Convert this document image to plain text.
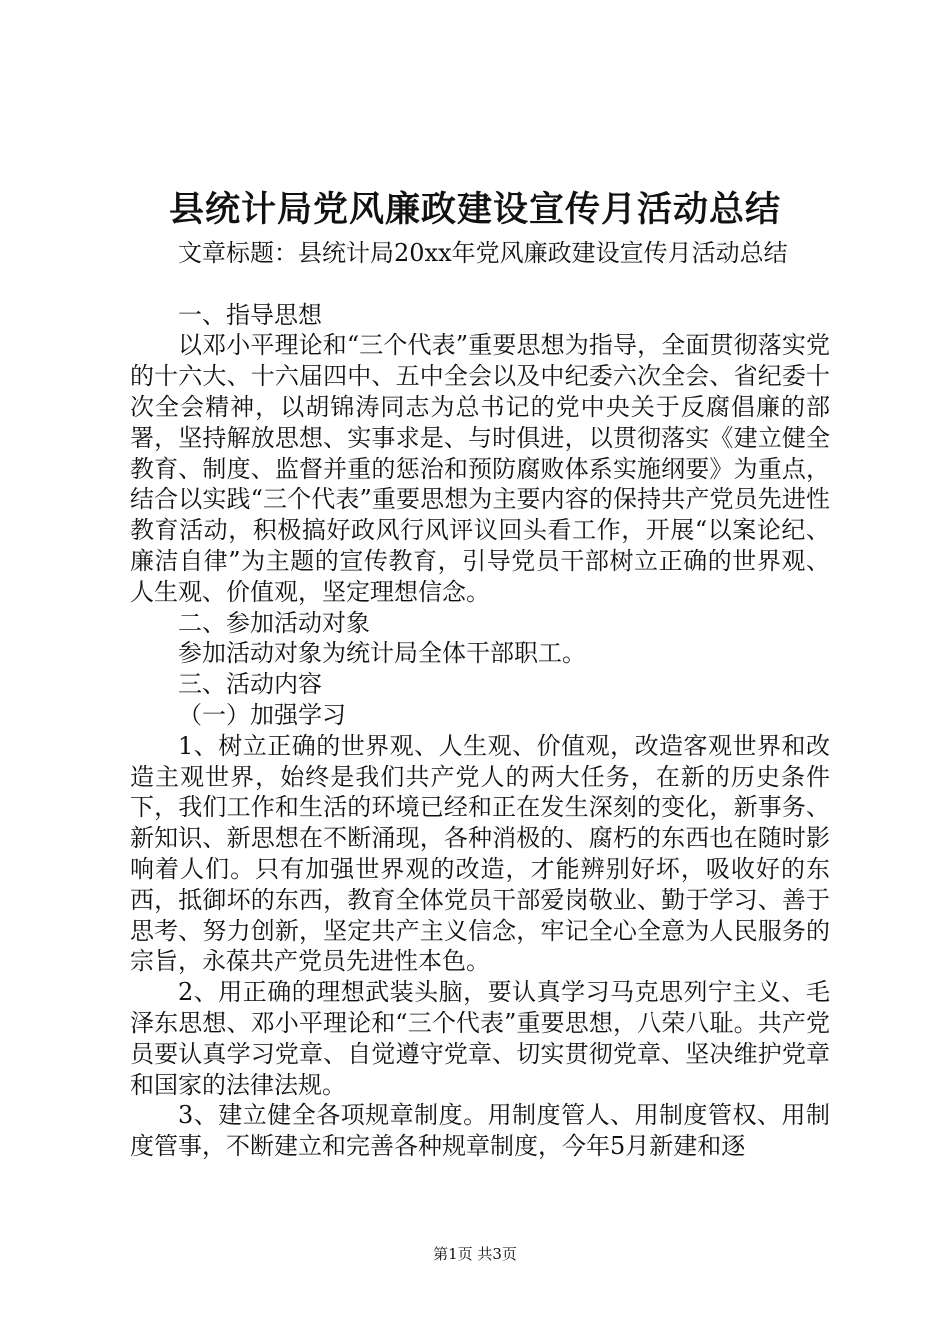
县统计局党风廉政建设宣传月活动总结

文章标题：县统计局20xx年党风廉政建设宣传月活动总结

一、指导思想

以邓小平理论和“三个代表”重要思想为指导，全面贯彻落实党的十六大、十六届四中、五中全会以及中纪委六次全会、省纪委十次全会精神，以胡锦涛同志为总书记的党中央关于反腐倡廉的部署，坚持解放思想、实事求是、与时俱进，以贯彻落实《建立健全教育、制度、监督并重的惩治和预防腐败体系实施纲要》为重点，结合以实践“三个代表”重要思想为主要内容的保持共产党员先进性教育活动，积极搞好政风行风评议回头看工作，开展“以案论纪、廉洁自律”为主题的宣传教育，引导党员干部树立正确的世界观、人生观、价值观，坚定理想信念。

二、参加活动对象

参加活动对象为统计局全体干部职工。

三、活动内容

（一）加强学习

1、树立正确的世界观、人生观、价值观，改造客观世界和改造主观世界，始终是我们共产党人的两大任务，在新的历史条件下，我们工作和生活的环境已经和正在发生深刻的变化，新事务、新知识、新思想在不断涌现，各种消极的、腐朽的东西也在随时影响着人们。只有加强世界观的改造，才能辨别好坏，吸收好的东西，抵御坏的东西，教育全体党员干部爱岗敬业、勤于学习、善于思考、努力创新，坚定共产主义信念，牢记全心全意为人民服务的宗旨，永葆共产党员先进性本色。

2、用正确的理想武装头脑，要认真学习马克思列宁主义、毛泽东思想、邓小平理论和“三个代表”重要思想，八荣八耻。共产党员要认真学习党章、自觉遵守党章、切实贯彻党章、坚决维护党章和国家的法律法规。

3、建立健全各项规章制度。用制度管人、用制度管权、用制度管事，不断建立和完善各种规章制度，今年5月新建和逐

第1页 共3页
